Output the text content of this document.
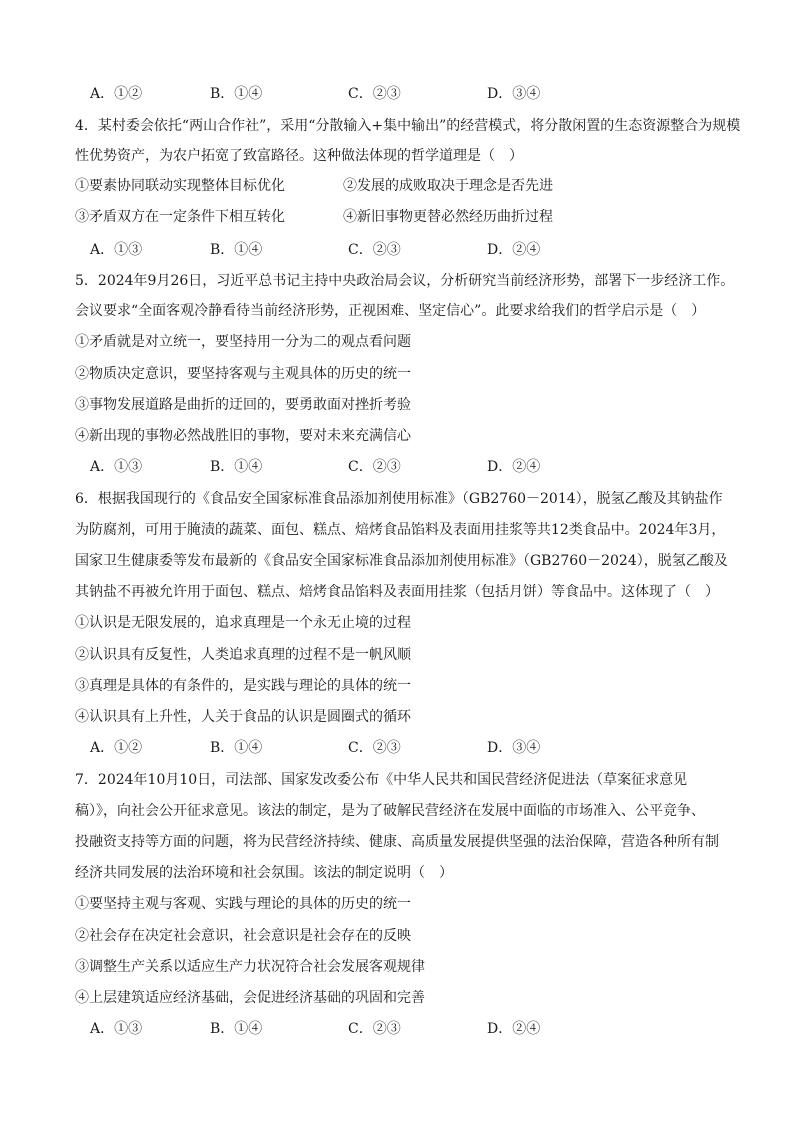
A．①②	B．①④	C．②③	D．③④
4．某村委会依托“两山合作社”，采用“分散输入+集中输出”的经营模式，将分散闲置的生态资源整合为规模
性优势资产，为农户拓宽了致富路径。这种做法体现的哲学道理是（　）
①要素协同联动实现整体目标优化	②发展的成败取决于理念是否先进
③矛盾双方在一定条件下相互转化	④新旧事物更替必然经历曲折过程
A．①③	B．①④	C．②③	D．②④
5．2024年9月26日，习近平总书记主持中央政治局会议，分析研究当前经济形势，部署下一步经济工作。
会议要求“全面客观冷静看待当前经济形势，正视困难、坚定信心”。此要求给我们的哲学启示是（　）
①矛盾就是对立统一，要坚持用一分为二的观点看问题
②物质决定意识，要坚持客观与主观具体的历史的统一
③事物发展道路是曲折的迂回的，要勇敢面对挫折考验
④新出现的事物必然战胜旧的事物，要对未来充满信心
A．①③	B．①④	C．②③	D．②④
6．根据我国现行的《食品安全国家标准食品添加剂使用标准》（GB2760－2014），脱氢乙酸及其钠盐作
为防腐剂，可用于腌渍的蔬菜、面包、糕点、焙烤食品馅料及表面用挂浆等共12类食品中。2024年3月，
国家卫生健康委等发布最新的《食品安全国家标准食品添加剂使用标准》（GB2760－2024），脱氢乙酸及
其钠盐不再被允许用于面包、糕点、焙烤食品馅料及表面用挂浆（包括月饼）等食品中。这体现了（　）
①认识是无限发展的，追求真理是一个永无止境的过程
②认识具有反复性，人类追求真理的过程不是一帆风顺
③真理是具体的有条件的，是实践与理论的具体的统一
④认识具有上升性，人关于食品的认识是圆圈式的循环
A．①②	B．①④	C．②③	D．③④
7．2024年10月10日，司法部、国家发改委公布《中华人民共和国民营经济促进法（草案征求意见
稿）》，向社会公开征求意见。该法的制定，是为了破解民营经济在发展中面临的市场准入、公平竞争、
投融资支持等方面的问题，将为民营经济持续、健康、高质量发展提供坚强的法治保障，营造各种所有制
经济共同发展的法治环境和社会氛围。该法的制定说明（　）
①要坚持主观与客观、实践与理论的具体的历史的统一
②社会存在决定社会意识，社会意识是社会存在的反映
③调整生产关系以适应生产力状况符合社会发展客观规律
④上层建筑适应经济基础，会促进经济基础的巩固和完善
A．①③	B．①④	C．②③	D．②④
